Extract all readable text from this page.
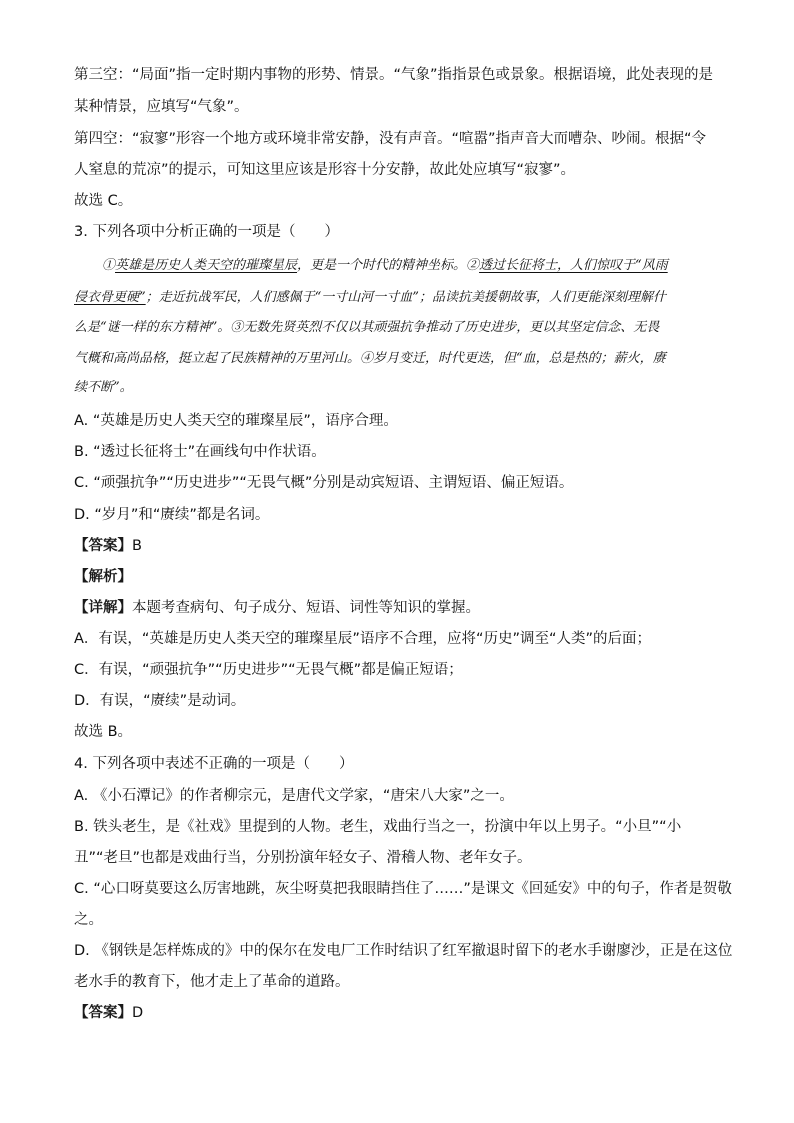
第三空：“局面”指一定时期内事物的形势、情景。“气象”指指景色或景象。根据语境，此处表现的是
某种情景，应填写“气象”。
第四空：“寂寥”形容一个地方或环境非常安静，没有声音。“喧嚣”指声音大而嘈杂、吵闹。根据“令
人窒息的荒凉”的提示，可知这里应该是形容十分安静，故此处应填写“寂寥”。
故选 C。
3. 下列各项中分析正确的一项是（　　）
①英雄是历史人类天空的璀璨星辰，更是一个时代的精神坐标。②透过长征将士，人们惊叹于“风雨
侵衣骨更硬”；走近抗战军民，人们感佩于“一寸山河一寸血”；品读抗美援朝故事，人们更能深刻理解什
么是“谜一样的东方精神”。③无数先贤英烈不仅以其顽强抗争推动了历史进步，更以其坚定信念、无畏
气概和高尚品格，挺立起了民族精神的万里河山。④岁月变迁，时代更迭，但“血，总是热的；薪火，赓
续不断”。
A. “英雄是历史人类天空的璀璨星辰”，语序合理。
B. “透过长征将士”在画线句中作状语。
C. “顽强抗争”“历史进步”“无畏气概”分别是动宾短语、主谓短语、偏正短语。
D. “岁月”和“赓续”都是名词。
【答案】B
【解析】
【详解】本题考查病句、句子成分、短语、词性等知识的掌握。
A．有误，“英雄是历史人类天空的璀璨星辰”语序不合理，应将“历史”调至“人类”的后面；
C．有误，“顽强抗争”“历史进步”“无畏气概”都是偏正短语；
D．有误，“赓续”是动词。
故选 B。
4. 下列各项中表述不正确的一项是（　　）
A. 《小石潭记》的作者柳宗元，是唐代文学家，“唐宋八大家”之一。
B. 铁头老生，是《社戏》里提到的人物。老生，戏曲行当之一，扮演中年以上男子。“小旦”“小
丑”“老旦”也都是戏曲行当，分别扮演年轻女子、滑稽人物、老年女子。
C. “心口呀莫要这么厉害地跳，灰尘呀莫把我眼睛挡住了……”是课文《回延安》中的句子，作者是贺敬
之。
D. 《钢铁是怎样炼成的》中的保尔在发电厂工作时结识了红军撤退时留下的老水手谢廖沙，正是在这位
老水手的教育下，他才走上了革命的道路。
【答案】D
